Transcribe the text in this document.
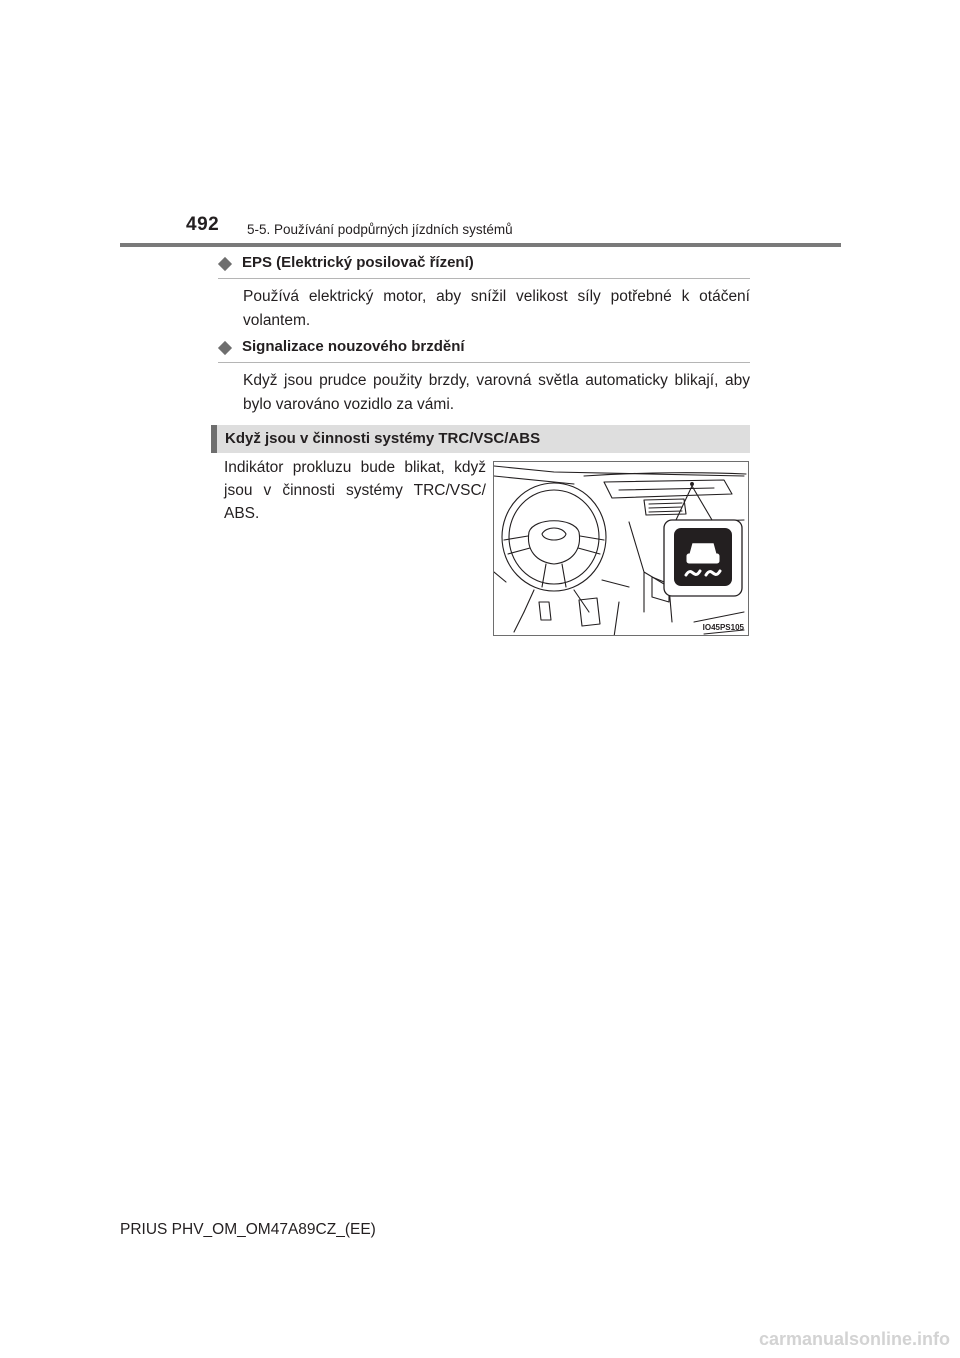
492 5-5. Používání podpůrných jízdních systémů
EPS (Elektrický posilovač řízení)
Používá elektrický motor, aby snížil velikost síly potřebné k otáčení volantem.
Signalizace nouzového brzdění
Když jsou prudce použity brzdy, varovná světla automaticky blikají, aby bylo varováno vozidlo za vámi.
Když jsou v činnosti systémy TRC/VSC/ABS
Indikátor prokluzu bude blikat, když jsou v činnosti systémy TRC/VSC/ ABS.
IO45PS105
PRIUS PHV_OM_OM47A89CZ_(EE)
carmanualsonline.info
